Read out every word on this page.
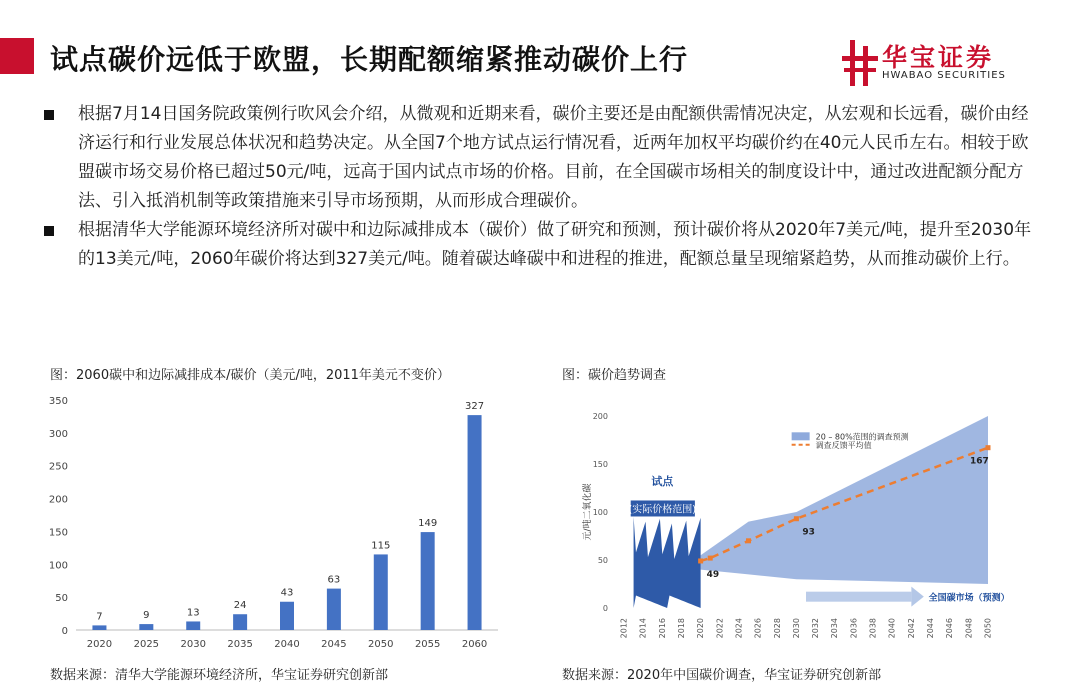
试点碳价远低于欧盟，长期配额缩紧推动碳价上行	华宝证券
HWABAO SECURITIES
根据7月14日国务院政策例行吹风会介绍，从微观和近期来看，碳价主要还是由配额供需情况决定，从宏观和长远看，碳价由经济运行和行业发展总体状况和趋势决定。从全国7个地方试点运行情况看，近两年加权平均碳价约在40元人民币左右。相较于欧盟碳市场交易价格已超过50元/吨，远高于国内试点市场的价格。目前，在全国碳市场相关的制度设计中，通过改进配额分配方法、引入抵消机制等政策措施来引导市场预期，从而形成合理碳价。
根据清华大学能源环境经济所对碳中和边际减排成本（碳价）做了研究和预测，预计碳价将从2020年7美元/吨，提升至2030年的13美元/吨，2060年碳价将达到327美元/吨。随着碳达峰碳中和进程的推进，配额总量呈现缩紧趋势，从而推动碳价上行。
图：2060碳中和边际减排成本/碳价（美元/吨，2011年美元不变价）	图：碳价趋势调查
0
50
100
150
200
250
300
350
7
2020
9
2025
13
2030
24
2035
43
2040
63
2045
115
2050
149
2055
327
2060
0
50
100
150
200
2012 2014 2016 2018 2020 2022 2024 2026 2028 2030 2032 2034 2036 2038 2040 2042 2044 2046 2048 2050
元/吨二氧化碳
试点
(实际价格范围)
49
93
167
全国碳市场（预测）
20 – 80%范围的调查预测
调查反馈平均值
数据来源：清华大学能源环境经济所，华宝证券研究创新部	数据来源：2020年中国碳价调查，华宝证券研究创新部
